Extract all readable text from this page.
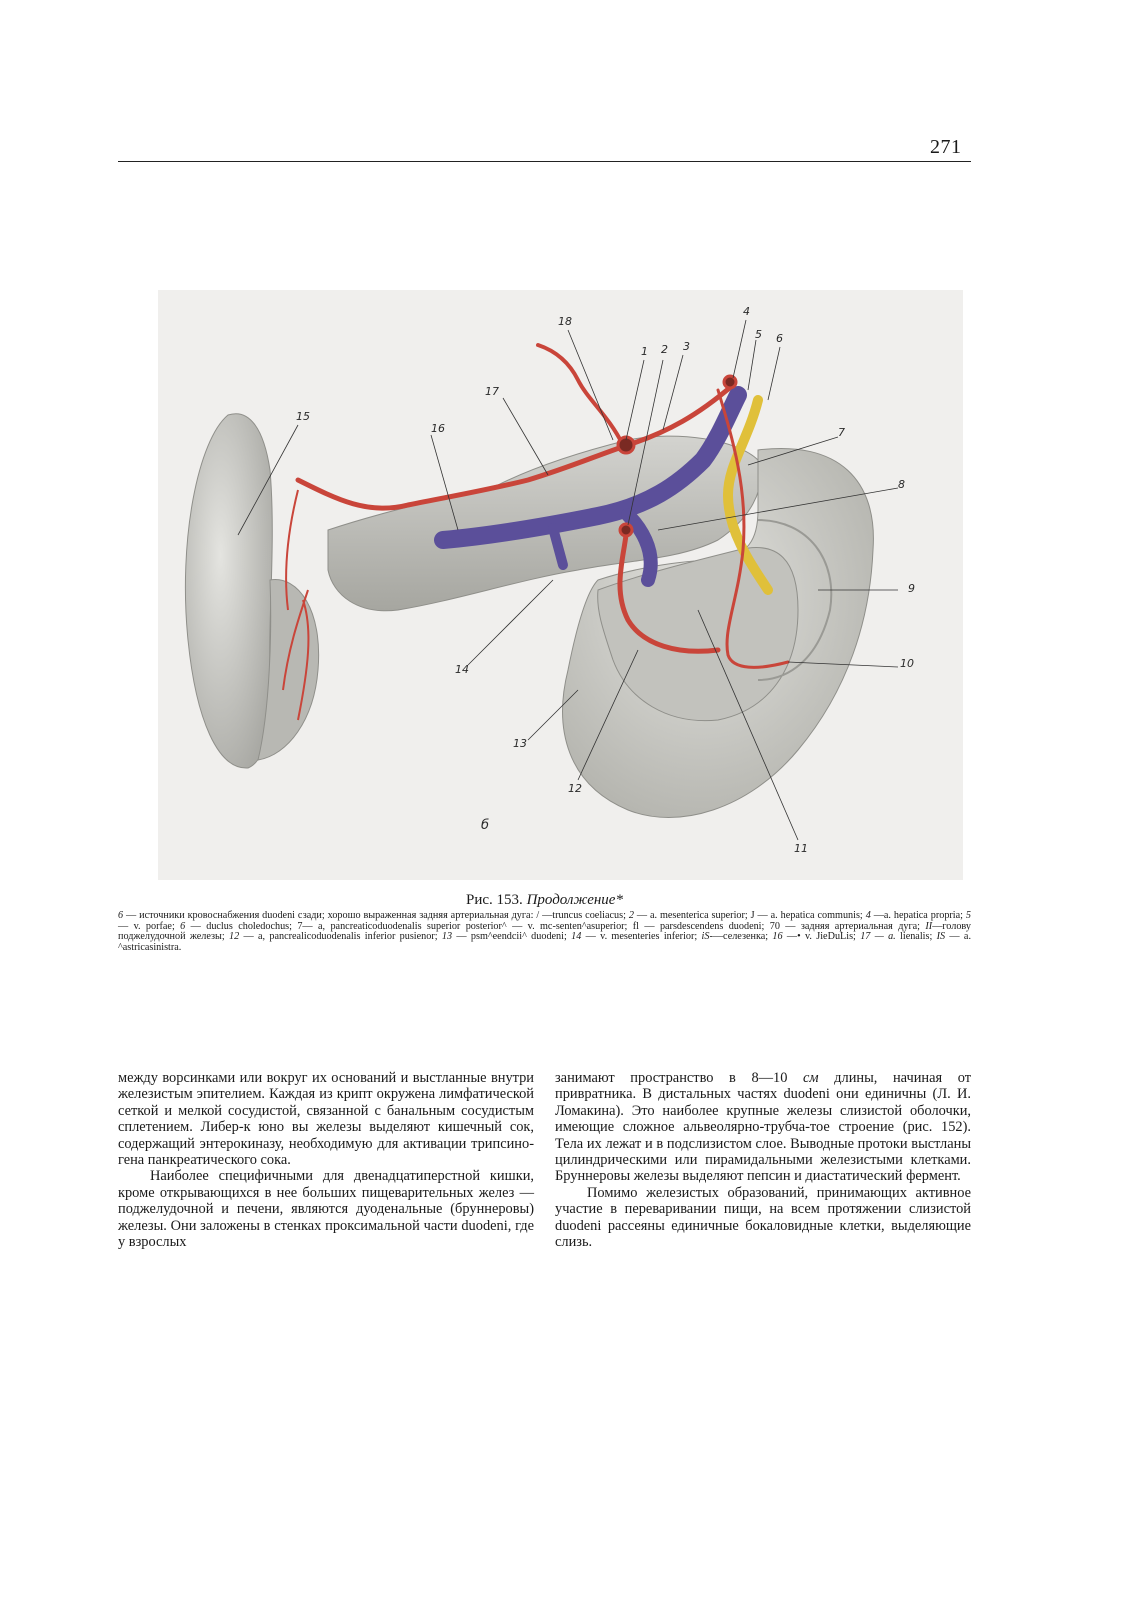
271
1 2 3
4
5 6
7
8
9
10
11
12
13
14
15
16
17
18
б
Рис. 153. Продолжение*
6 — источники кровоснабжения duodeni сзади; хорошо выраженная задняя артериальная дуга: / —truncus coeliacus; 2 — a. mesenterica superior; J — a. hepatica communis; 4 —a. hepatica propria; 5 — v. porfae; 6 — duclus choledochus; 7— a, pancreaticoduodenalis superior posterior^ — v. mc-senten^asuperior; fl — parsdescendens duodeni; 70 — задняя артериальная дуга; II—голову поджелудочной железы; 12 — a, pancrealicoduodenalis inferior pusienor; 13 — psm^eendcii^ duodeni; 14 — v. mesenteries inferior; iS-—селезенка; 16 —• v. JieDuLis; 17 — a. lienalis; IS — a. ^astricasinistra.

между ворсинками или вокруг их оснований и выстланные внутри железистым эпителием. Каждая из крипт окружена лимфатической сеткой и мелкой сосудистой, связанной с банальным сосудистым сплетением. Либер-к юно вы железы выделяют кишечный сок, содержащий энтерокиназу, необходимую для активации трипсино-гена панкреатического сока.

Наиболее специфичными для двенадцатиперстной кишки, кроме открывающихся в нее больших пищеварительных желез — поджелудочной и печени, являются дуоденальные (бруннеровы) железы. Они заложены в стенках проксимальной части duodeni, где у взрослых

занимают пространство в 8—10 см длины, начиная от привратника. В дистальных частях duodeni они единичны (Л. И. Ломакина). Это наиболее крупные железы слизистой оболочки, имеющие сложное альвеолярно-трубча-тое строение (рис. 152). Тела их лежат и в подслизистом слое. Выводные протоки выстланы цилиндрическими или пирамидальными железистыми клетками. Бруннеровы железы выделяют пепсин и диастатический фермент.

Помимо железистых образований, принимающих активное участие в переваривании пищи, на всем протяжении слизистой duodeni рассеяны единичные бокаловидные клетки, выделяющие слизь.
